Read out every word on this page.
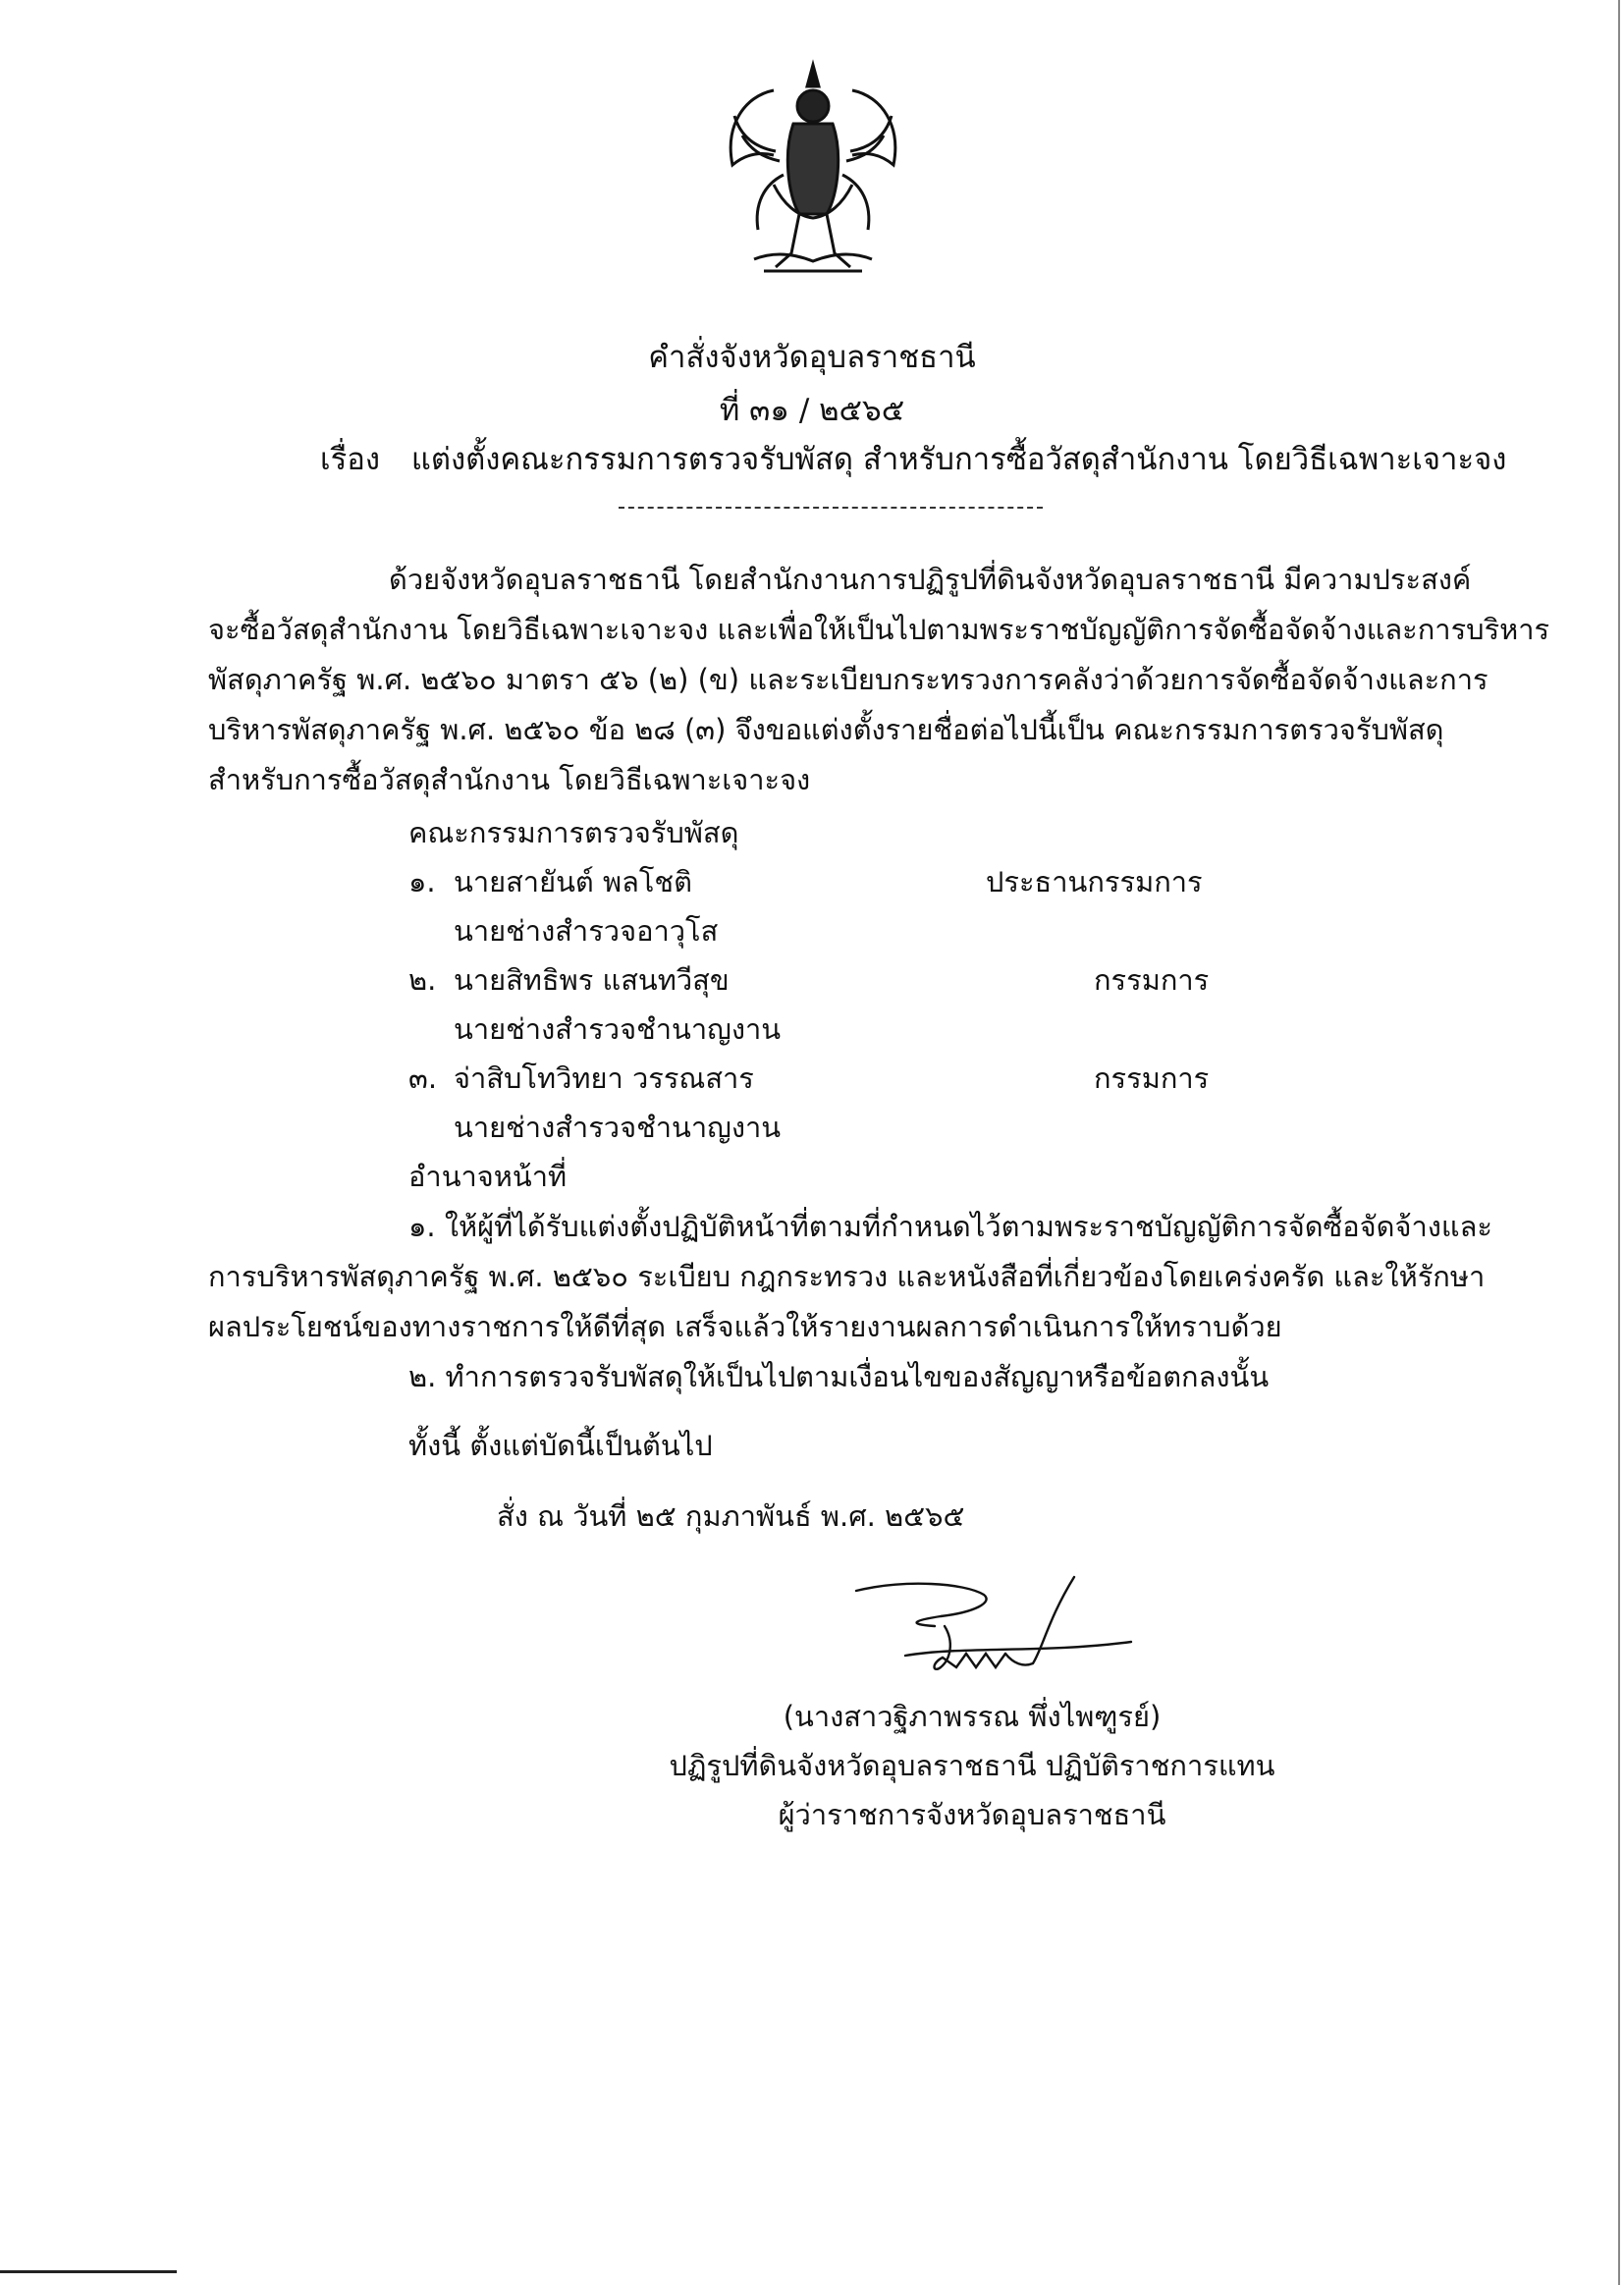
คำสั่งจังหวัดอุบลราชธานี
ที่ ๓๑ / ๒๕๖๕
เรื่อง แต่งตั้งคณะกรรมการตรวจรับพัสดุ สำหรับการซื้อวัสดุสำนักงาน โดยวิธีเฉพาะเจาะจง
ด้วยจังหวัดอุบลราชธานี โดยสำนักงานการปฏิรูปที่ดินจังหวัดอุบลราชธานี มีความประสงค์
จะซื้อวัสดุสำนักงาน โดยวิธีเฉพาะเจาะจง และเพื่อให้เป็นไปตามพระราชบัญญัติการจัดซื้อจัดจ้างและการบริหาร
พัสดุภาครัฐ พ.ศ. ๒๕๖๐ มาตรา ๕๖ (๒) (ข) และระเบียบกระทรวงการคลังว่าด้วยการจัดซื้อจัดจ้างและการ
บริหารพัสดุภาครัฐ พ.ศ. ๒๕๖๐ ข้อ ๒๘ (๓) จึงขอแต่งตั้งรายชื่อต่อไปนี้เป็น คณะกรรมการตรวจรับพัสดุ
สำหรับการซื้อวัสดุสำนักงาน โดยวิธีเฉพาะเจาะจง
คณะกรรมการตรวจรับพัสดุ
๑. นายสายันต์ พลโชติ	ประธานกรรมการ
นายช่างสำรวจอาวุโส
๒. นายสิทธิพร แสนทวีสุข	กรรมการ
นายช่างสำรวจชำนาญงาน
๓. จ่าสิบโทวิทยา วรรณสาร	กรรมการ
นายช่างสำรวจชำนาญงาน
อำนาจหน้าที่
๑. ให้ผู้ที่ได้รับแต่งตั้งปฏิบัติหน้าที่ตามที่กำหนดไว้ตามพระราชบัญญัติการจัดซื้อจัดจ้างและ
การบริหารพัสดุภาครัฐ พ.ศ. ๒๕๖๐ ระเบียบ กฎกระทรวง และหนังสือที่เกี่ยวข้องโดยเคร่งครัด และให้รักษา
ผลประโยชน์ของทางราชการให้ดีที่สุด เสร็จแล้วให้รายงานผลการดำเนินการให้ทราบด้วย
๒. ทำการตรวจรับพัสดุให้เป็นไปตามเงื่อนไขของสัญญาหรือข้อตกลงนั้น
ทั้งนี้ ตั้งแต่บัดนี้เป็นต้นไป
สั่ง ณ วันที่ ๒๕ กุมภาพันธ์ พ.ศ. ๒๕๖๕
(นางสาวฐิภาพรรณ พึ่งไพฑูรย์)
ปฏิรูปที่ดินจังหวัดอุบลราชธานี ปฏิบัติราชการแทน
ผู้ว่าราชการจังหวัดอุบลราชธานี
